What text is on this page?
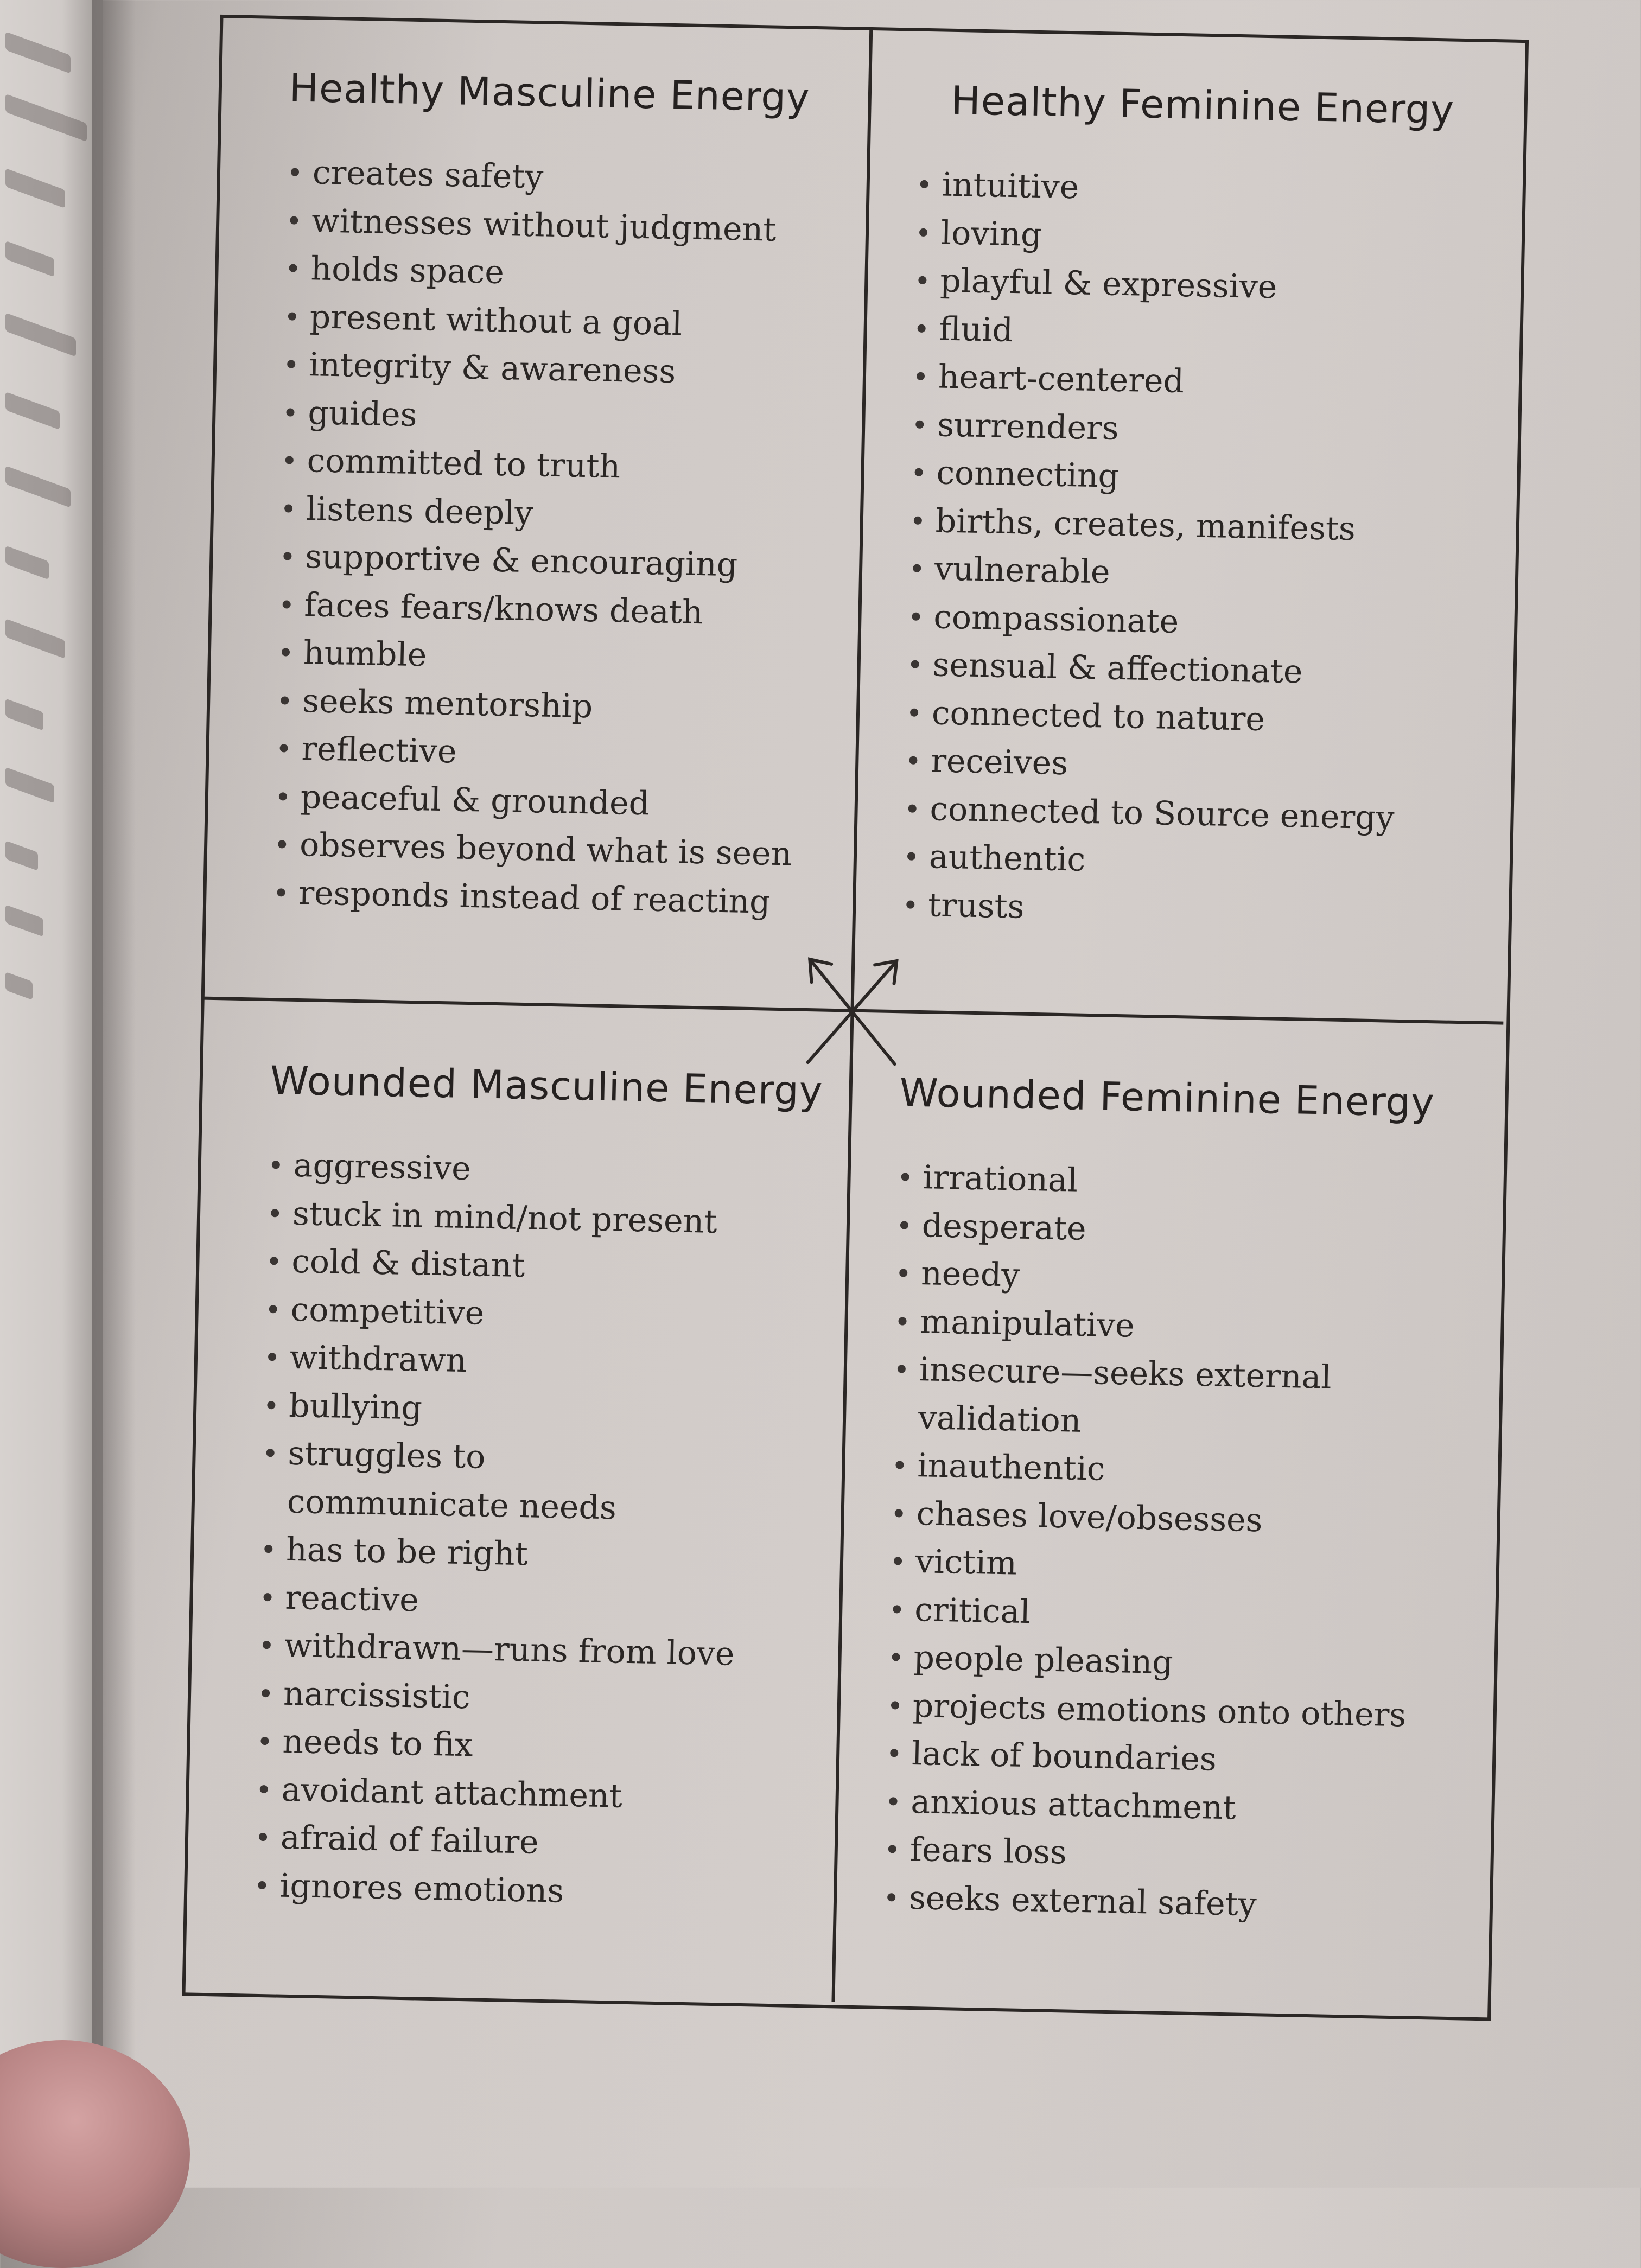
Healthy Masculine Energy
creates safety
witnesses without judgment
holds space
present without a goal
integrity & awareness
guides
committed to truth
listens deeply
supportive & encouraging
faces fears/knows death
humble
seeks mentorship
reflective
peaceful & grounded
observes beyond what is seen
responds instead of reacting
Healthy Feminine Energy
intuitive
loving
playful & expressive
fluid
heart-centered
surrenders
connecting
births, creates, manifests
vulnerable
compassionate
sensual & affectionate
connected to nature
receives
connected to Source energy
authentic
trusts
Wounded Masculine Energy
aggressive
stuck in mind/not present
cold & distant
competitive
withdrawn
bullying
struggles to communicate needs
has to be right
reactive
withdrawn—runs from love
narcissistic
needs to fix
avoidant attachment
afraid of failure
ignores emotions
Wounded Feminine Energy
irrational
desperate
needy
manipulative
insecure—seeks external validation
inauthentic
chases love/obsesses
victim
critical
people pleasing
projects emotions onto others
lack of boundaries
anxious attachment
fears loss
seeks external safety
